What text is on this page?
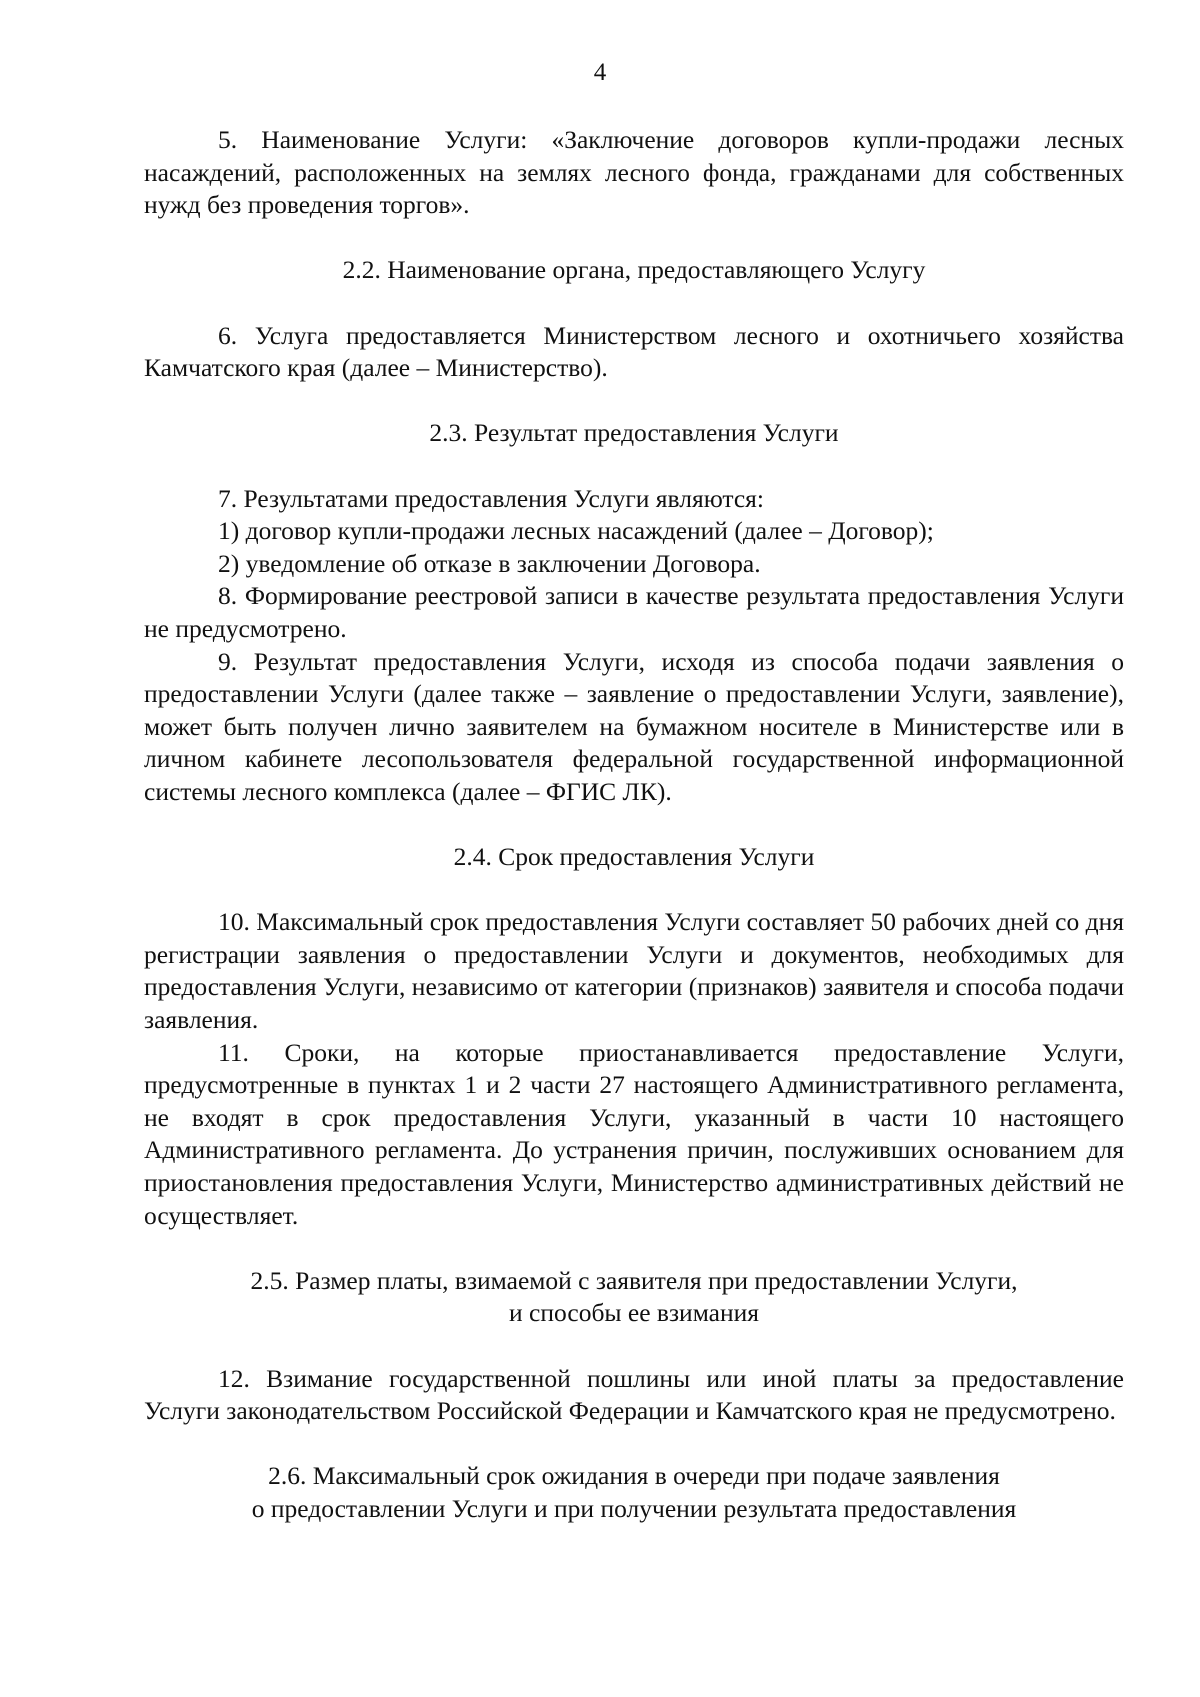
4

5. Наименование Услуги: «Заключение договоров купли-продажи лесных насаждений, расположенных на землях лесного фонда, гражданами для собственных нужд без проведения торгов».

2.2. Наименование органа, предоставляющего Услугу

6. Услуга предоставляется Министерством лесного и охотничьего хозяйства Камчатского края (далее – Министерство).

2.3. Результат предоставления Услуги

7. Результатами предоставления Услуги являются:

1) договор купли-продажи лесных насаждений (далее – Договор);

2) уведомление об отказе в заключении Договора.

8. Формирование реестровой записи в качестве результата предоставления Услуги не предусмотрено.

9. Результат предоставления Услуги, исходя из способа подачи заявления о предоставлении Услуги (далее также – заявление о предоставлении Услуги, заявление), может быть получен лично заявителем на бумажном носителе в Министерстве или в личном кабинете лесопользователя федеральной государственной информационной системы лесного комплекса (далее – ФГИС ЛК).

2.4. Срок предоставления Услуги

10. Максимальный срок предоставления Услуги составляет 50 рабочих дней со дня регистрации заявления о предоставлении Услуги и документов, необходимых для предоставления Услуги, независимо от категории (признаков) заявителя и способа подачи заявления.

11. Сроки, на которые приостанавливается предоставление Услуги, предусмотренные в пунктах 1 и 2 части 27 настоящего Административного регламента, не входят в срок предоставления Услуги, указанный в части 10 настоящего Административного регламента. До устранения причин, послуживших основанием для приостановления предоставления Услуги, Министерство административных действий не осуществляет.

2.5. Размер платы, взимаемой с заявителя при предоставлении Услуги,
и способы ее взимания

12. Взимание государственной пошлины или иной платы за предоставление Услуги законодательством Российской Федерации и Камчатского края не предусмотрено.

2.6. Максимальный срок ожидания в очереди при подаче заявления
о предоставлении Услуги и при получении результата предоставления
